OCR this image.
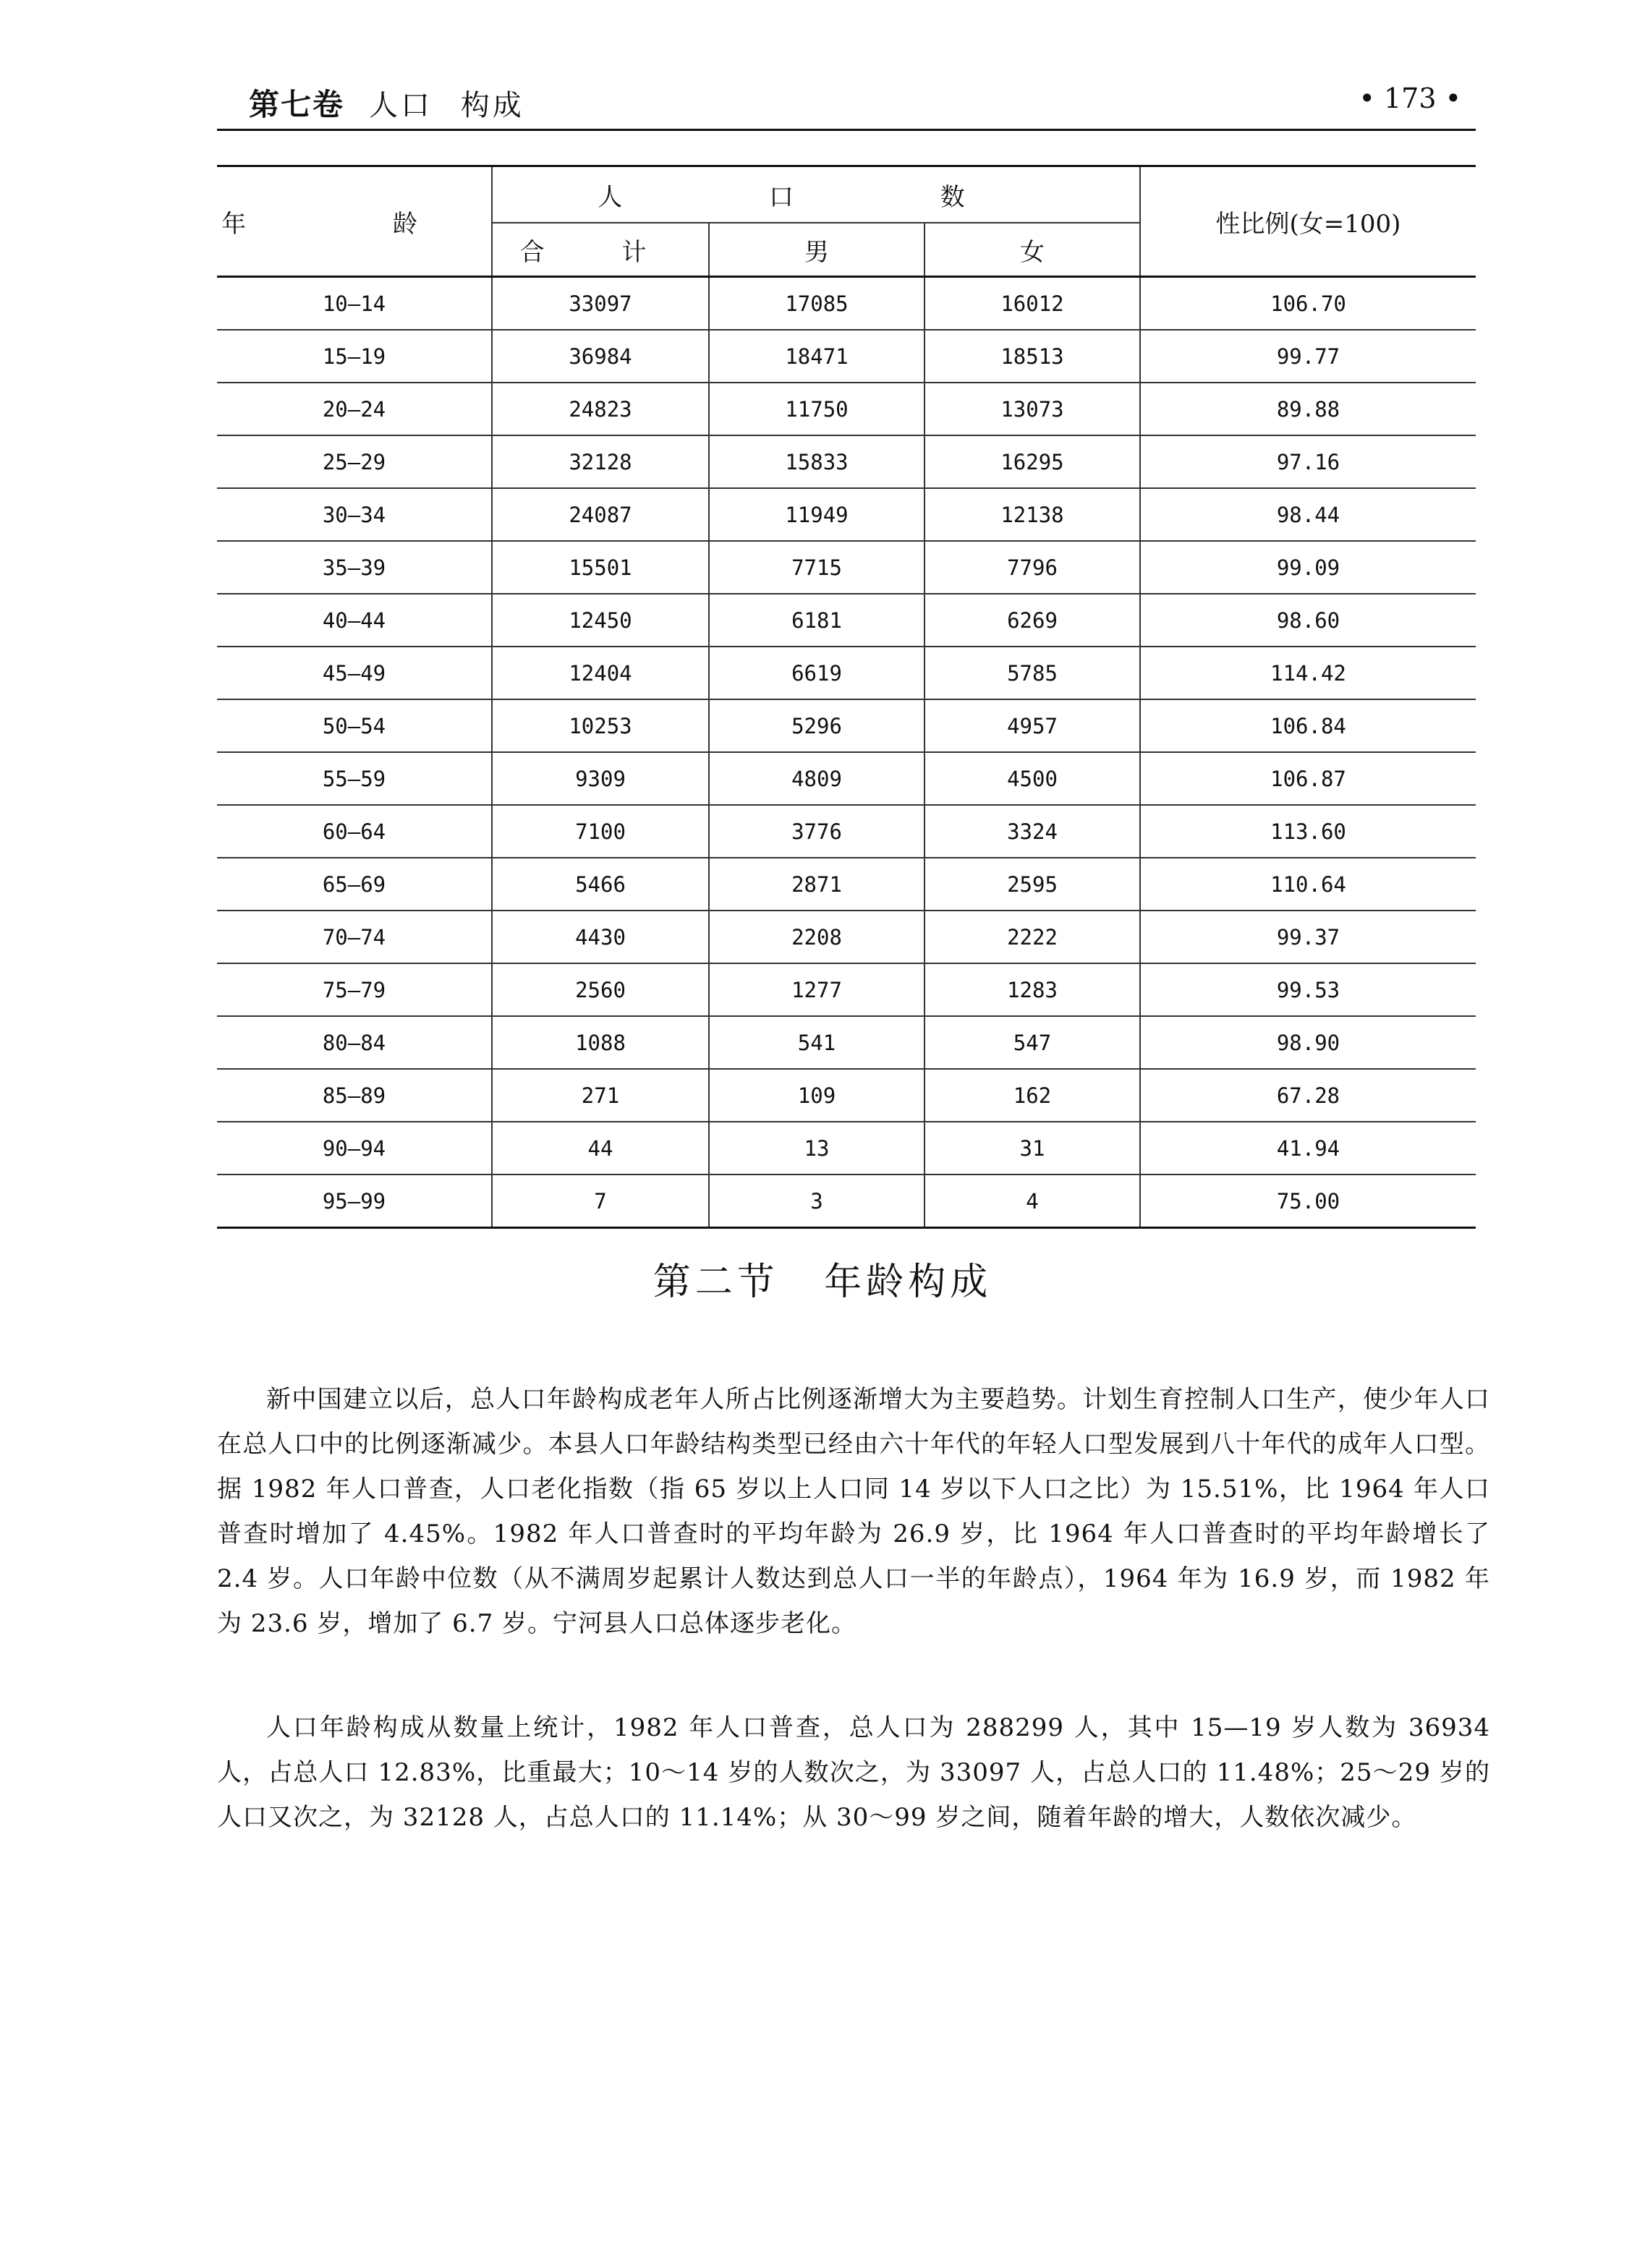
第七卷 人口 构成	• 173 •
年 龄	人 口 数			性比例(女=100)
	合 计	男	女	
10—14	33097	17085	16012	106.70
15—19	36984	18471	18513	99.77
20—24	24823	11750	13073	89.88
25—29	32128	15833	16295	97.16
30—34	24087	11949	12138	98.44
35—39	15501	7715	7796	99.09
40—44	12450	6181	6269	98.60
45—49	12404	6619	5785	114.42
50—54	10253	5296	4957	106.84
55—59	9309	4809	4500	106.87
60—64	7100	3776	3324	113.60
65—69	5466	2871	2595	110.64
70—74	4430	2208	2222	99.37
75—79	2560	1277	1283	99.53
80—84	1088	541	547	98.90
85—89	271	109	162	67.28
90—94	44	13	31	41.94
95—99	7	3	4	75.00
第二节 年龄构成

新中国建立以后，总人口年龄构成老年人所占比例逐渐增大为主要趋势。计划生育控制人口生产，使少年人口在总人口中的比例逐渐减少。本县人口年龄结构类型已经由六十年代的年轻人口型发展到八十年代的成年人口型。据 1982 年人口普查，人口老化指数（指 65 岁以上人口同 14 岁以下人口之比）为 15.51%，比 1964 年人口普查时增加了 4.45%。1982 年人口普查时的平均年龄为 26.9 岁，比 1964 年人口普查时的平均年龄增长了 2.4 岁。人口年龄中位数（从不满周岁起累计人数达到总人口一半的年龄点），1964 年为 16.9 岁，而 1982 年为 23.6 岁，增加了 6.7 岁。宁河县人口总体逐步老化。

人口年龄构成从数量上统计，1982 年人口普查，总人口为 288299 人，其中 15—19 岁人数为 36934 人，占总人口 12.83%，比重最大；10～14 岁的人数次之，为 33097 人，占总人口的 11.48%；25～29 岁的人口又次之，为 32128 人，占总人口的 11.14%；从 30～99 岁之间，随着年龄的增大，人数依次减少。
